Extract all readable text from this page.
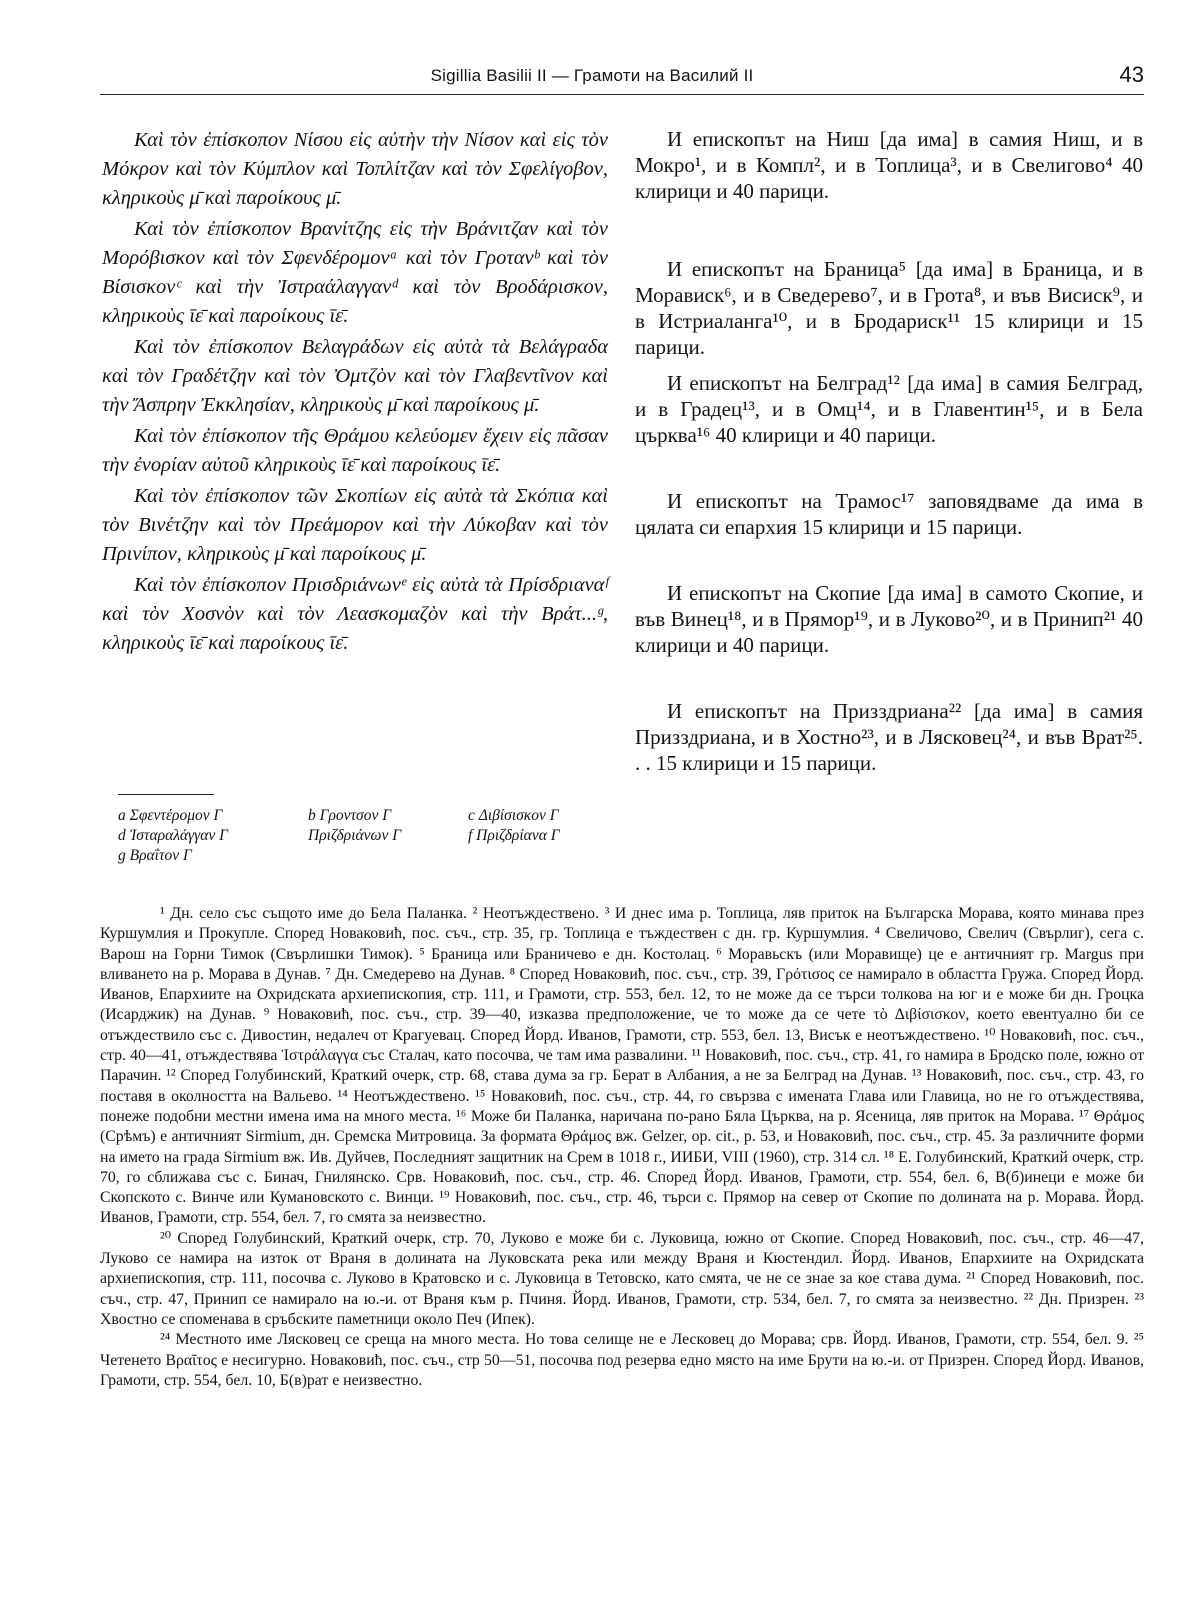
Sigillia Basilii II — Грамоти на Василий II	43

Καὶ τὸν ἐπίσκοπον Νίσου εἰς αὐτὴν τὴν Νίσον καὶ εἰς τὸν Μόκρον καὶ τὸν Κύμπλον καὶ Τοπλίτζαν καὶ τὸν Σφελίγοβον, κληρικοὺς μ̄ καὶ παροίκους μ̄.

Καὶ τὸν ἐπίσκοπον Βρανίτζης εἰς τὴν Βράνιτζαν καὶ τὸν Μορόβισκον καὶ τὸν Σφενδέρομονᵃ καὶ τὸν Γροτανᵇ καὶ τὸν Βίσισκονᶜ καὶ τὴν Ἰστραάλαγγανᵈ καὶ τὸν Βροδάρισκον, κληρικοὺς ῑε̄ καὶ παροίκους ῑε̄.

Καὶ τὸν ἐπίσκοπον Βελαγράδων εἰς αὐτὰ τὰ Βελάγραδα καὶ τὸν Γραδέτζην καὶ τὸν Ὀμτζὸν καὶ τὸν Γλαβεντῖνον καὶ τὴν Ἄσπρην Ἐκκλησίαν, κληρικοὺς μ̄ καὶ παροίκους μ̄.

Καὶ τὸν ἐπίσκοπον τῆς Θράμου κελεύομεν ἔχειν εἰς πᾶσαν τὴν ἐνορίαν αὐτοῦ κληρικοὺς ῑε̄ καὶ παροίκους ῑε̄.

Καὶ τὸν ἐπίσκοπον τῶν Σκοπίων εἰς αὐτὰ τὰ Σκόπια καὶ τὸν Βινέτζην καὶ τὸν Πρεάμορον καὶ τὴν Λύκοβαν καὶ τὸν Πρινίπον, κληρικοὺς μ̄ καὶ παροίκους μ̄.

Καὶ τὸν ἐπίσκοπον Πρισδριάνωνᵉ εἰς αὐτὰ τὰ Πρίσδριαναᶠ καὶ τὸν Χοσνὸν καὶ τὸν Λεασκομαζὸν καὶ τὴν Βράτ...ᵍ, κληρικοὺς ῑε̄ καὶ παροίκους ῑε̄.

И епископът на Ниш [да има] в самия Ниш, и в Мокро¹, и в Компл², и в Топлица³, и в Свелигово⁴ 40 клирици и 40 парици.

И епископът на Браница⁵ [да има] в Браница, и в Морависк⁶, и в Сведерево⁷, и в Грота⁸, и във Висиск⁹, и в Истриаланга¹⁰, и в Бродариск¹¹ 15 клирици и 15 парици.

И епископът на Белград¹² [да има] в самия Белград, и в Градец¹³, и в Омц¹⁴, и в Главентин¹⁵, и в Бела църква¹⁶ 40 клирици и 40 парици.

И епископът на Трамос¹⁷ заповядваме да има в цялата си епархия 15 клирици и 15 парици.

И епископът на Скопие [да има] в самото Скопие, и във Винец¹⁸, и в Прямор¹⁹, и в Луково²⁰, и в Принип²¹ 40 клирици и 40 парици.

И епископът на Призздриана²² [да има] в самия Призздриана, и в Хостно²³, и в Лясковец²⁴, и във Врат²⁵. . . 15 клирици и 15 парици.

a Σφεντέρομον Γ	b Γροντσον Γ	c Διβίσισκον Γ
d Ἰσταραλάγγαν Γ	Πριζδριάνων Γ	f Πριζδρίανα Γ
g Βραΐτον Γ

¹ Дн. село със същото име до Бела Паланка. ² Неотъждествено. ³ И днес има р. Топлица, ляв приток на Българска Морава, която минава през Куршумлия и Прокупле. Според Новаковић, пос. съч., стр. 35, гр. Топлица е тъждествен с дн. гр. Куршумлия. ⁴ Свеличово, Свелич (Свърлиг), сега с. Варош на Горни Тимок (Свърлишки Тимок). ⁵ Браница или Браничево е дн. Костолац. ⁶ Моравьскъ (или Моравище) це е античният гр. Margus при вливането на р. Морава в Дунав. ⁷ Дн. Смедерево на Дунав. ⁸ Според Новаковић, пос. съч., стр. 39, Γρότισος се намирало в областта Гружа. Според Йорд. Иванов, Епархиите на Охридската архиепископия, стр. 111, и Грамоти, стр. 553, бел. 12, то не може да се търси толкова на юг и е може би дн. Гроцка (Исарджик) на Дунав. ⁹ Новаковић, пос. съч., стр. 39—40, изказва предположение, че то може да се чете τὸ Διβίσισκον, което евентуално би се отъждествило със с. Дивостин, недалеч от Крагуевац. Според Йорд. Иванов, Грамоти, стр. 553, бел. 13, Висък е неотъждествено. ¹⁰ Новаковић, пос. съч., стр. 40—41, отъждествява Ἰστράλαγγα със Сталач, като посочва, че там има развалини. ¹¹ Новаковић, пос. съч., стр. 41, го намира в Бродско поле, южно от Парачин. ¹² Според Голубинский, Краткий очерк, стр. 68, става дума за гр. Берат в Албания, а не за Белград на Дунав. ¹³ Новаковић, пос. съч., стр. 43, го поставя в околността на Вальево. ¹⁴ Неотъждествено. ¹⁵ Новаковић, пос. съч., стр. 44, го свързва с имената Глава или Главица, но не го отъждествява, понеже подобни местни имена има на много места. ¹⁶ Може би Паланка, наричана по-рано Бяла Църква, на р. Ясеница, ляв приток на Морава. ¹⁷ Θράμος (Срѣмъ) е античният Sirmium, дн. Сремска Митровица. За формата Θράμος вж. Gelzer, op. cit., p. 53, и Новаковић, пос. съч., стр. 45. За различните форми на името на града Sirmium вж. Ив. Дуйчев, Последният защитник на Срем в 1018 г., ИИБИ, VIII (1960), стр. 314 сл. ¹⁸ Е. Голубинский, Краткий очерк, стр. 70, го сближава със с. Бинач, Гнилянско. Срв. Новаковић, пос. съч., стр. 46. Според Йорд. Иванов, Грамоти, стр. 554, бел. 6, В(б)инеци е може би Скопското с. Винче или Кумановското с. Винци. ¹⁹ Новаковић, пос. съч., стр. 46, търси с. Прямор на север от Скопие по долината на р. Морава. Йорд. Иванов, Грамоти, стр. 554, бел. 7, го смята за неизвестно.

²⁰ Според Голубинский, Краткий очерк, стр. 70, Луково е може би с. Луковица, южно от Скопие. Според Новаковић, пос. съч., стр. 46—47, Луково се намира на изток от Враня в долината на Луковската река или между Враня и Кюстендил. Йорд. Иванов, Епархиите на Охридската архиепископия, стр. 111, посочва с. Луково в Кратовско и с. Луковица в Тетовско, като смята, че не се знае за кое става дума. ²¹ Според Новаковић, пос. съч., стр. 47, Принип се намирало на ю.-и. от Враня към р. Пчиня. Йорд. Иванов, Грамоти, стр. 534, бел. 7, го смята за неизвестно. ²² Дн. Призрен. ²³ Хвостно се споменава в сръбските паметници около Печ (Ипек).

²⁴ Местното име Лясковец се среща на много места. Но това селище не е Лесковец до Морава; срв. Йорд. Иванов, Грамоти, стр. 554, бел. 9. ²⁵ Четенето Βραῖτος е несигурно. Новаковић, пос. съч., стр 50—51, посочва под резерва едно място на име Брути на ю.-и. от Призрен. Според Йорд. Иванов, Грамоти, стр. 554, бел. 10, Б(в)рат е неизвестно.
